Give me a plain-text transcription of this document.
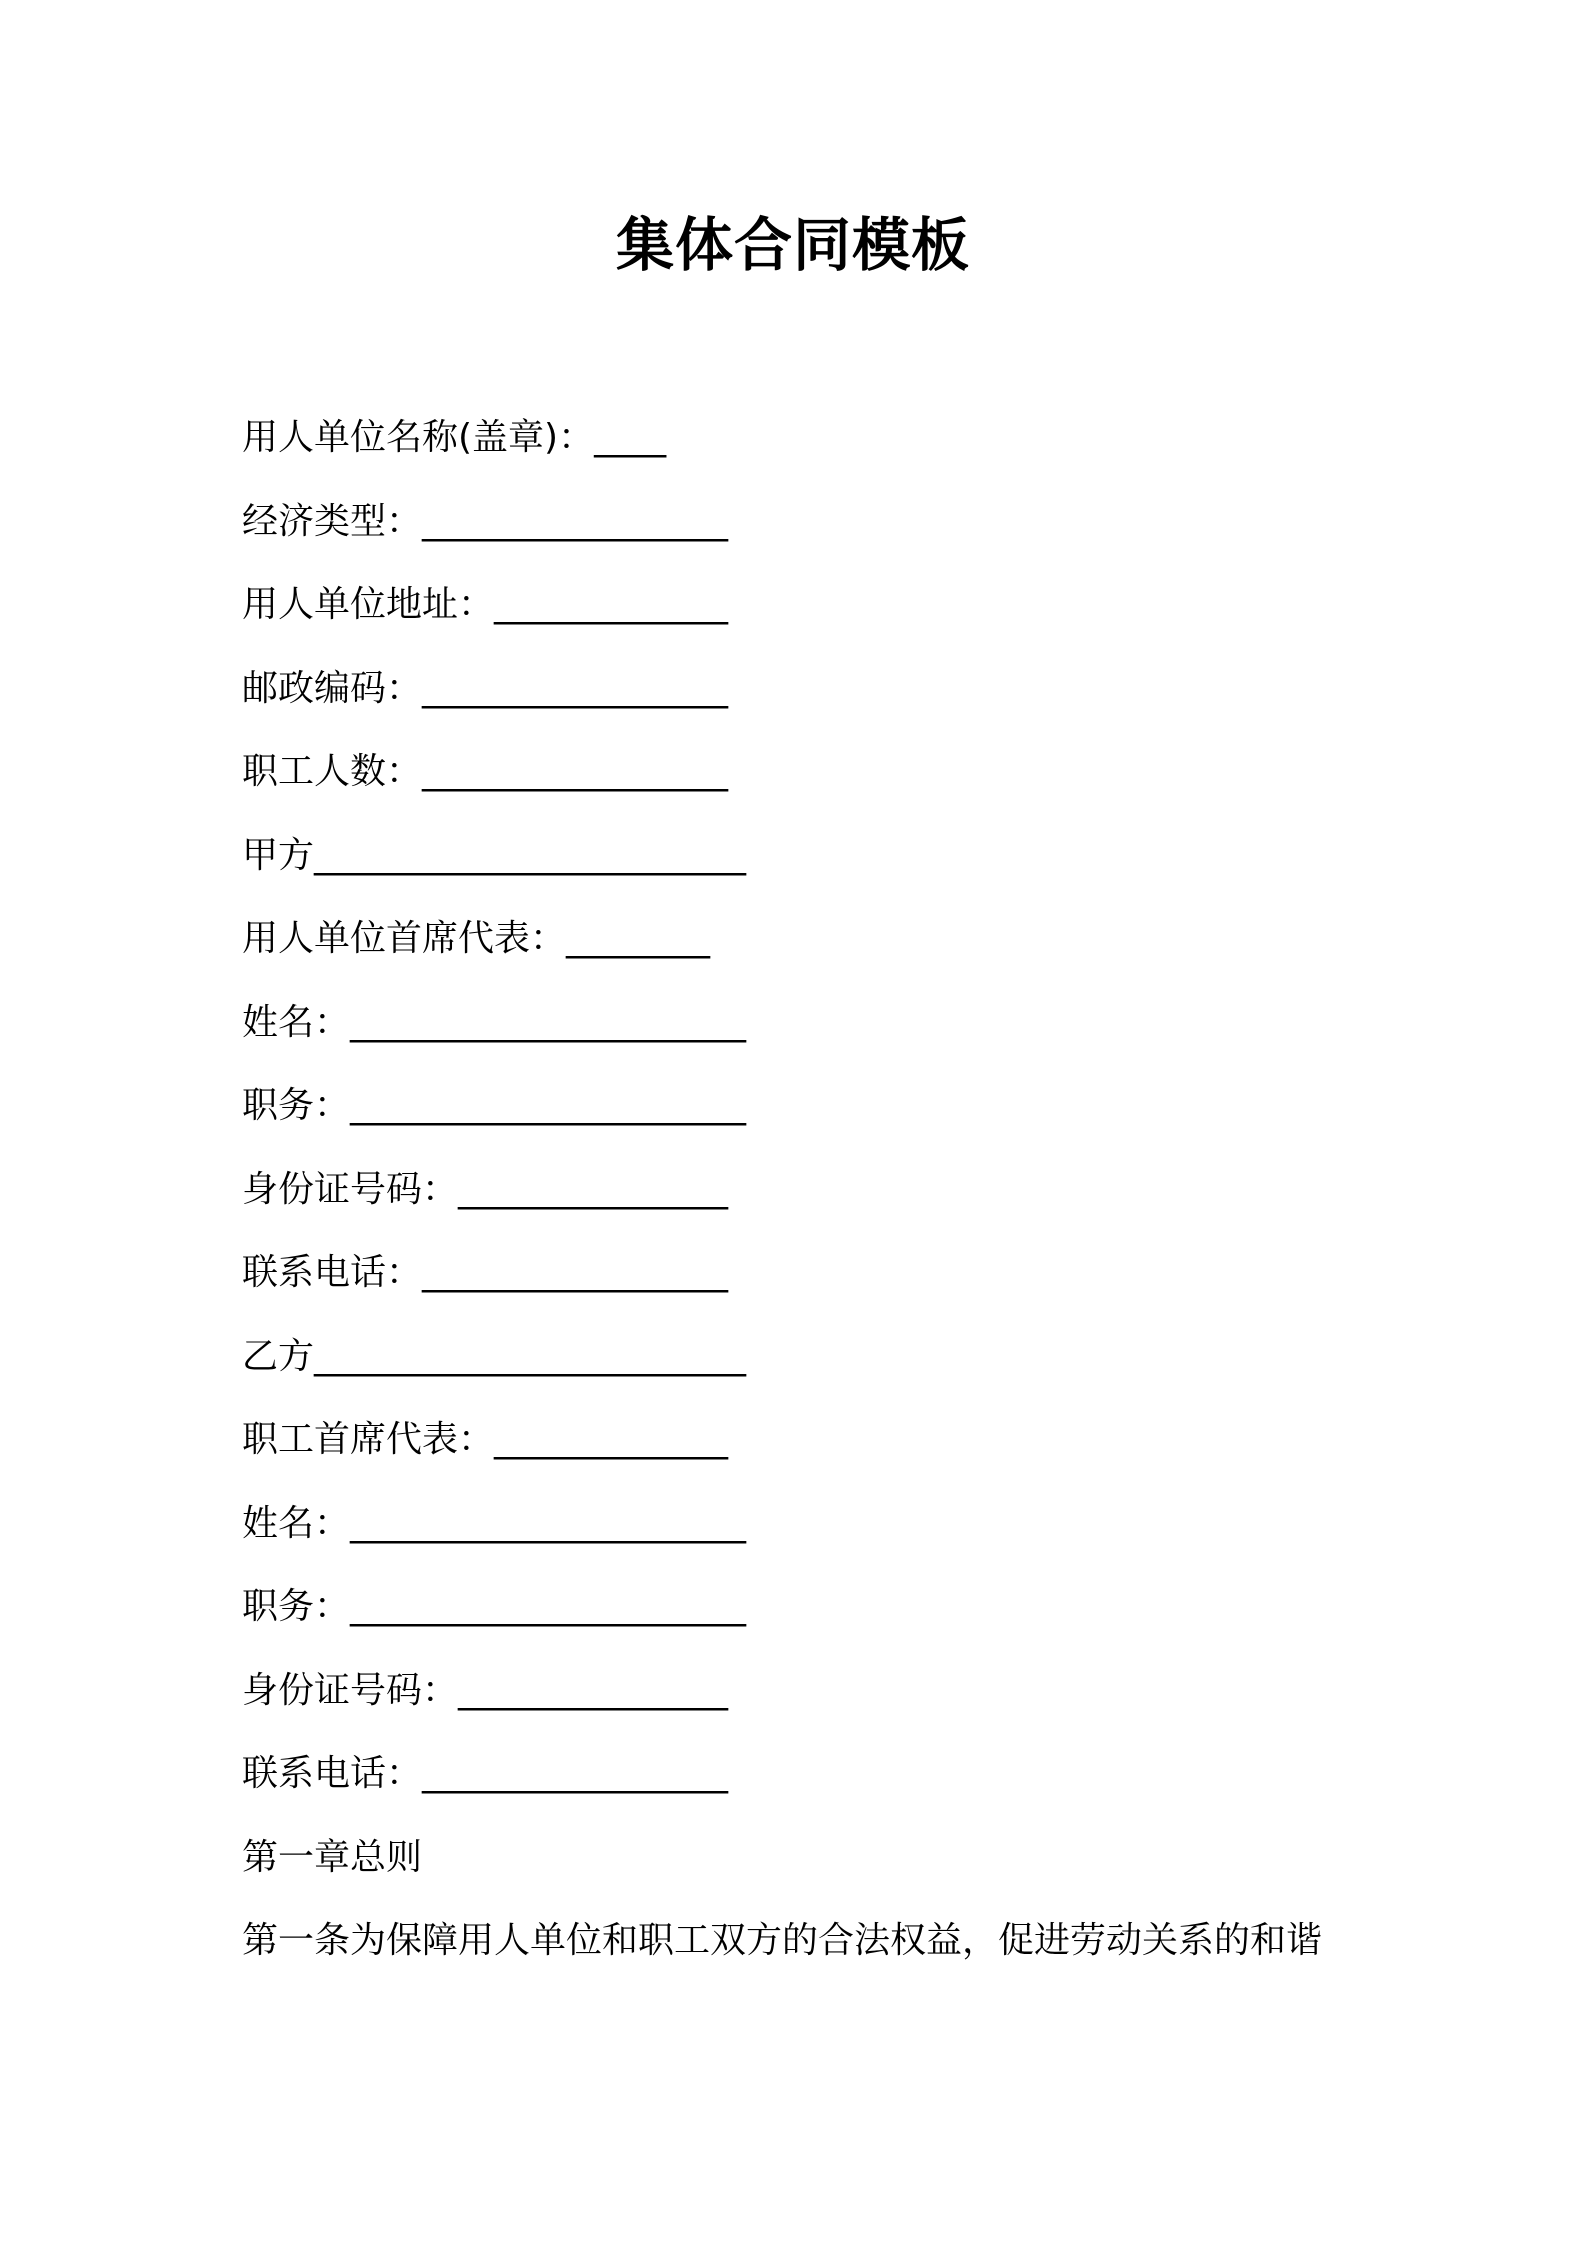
集体合同模板
用人单位名称(盖章)：____
经济类型：_________________
用人单位地址：_____________
邮政编码：_________________
职工人数：_________________
甲方________________________
用人单位首席代表：________
姓名：______________________
职务：______________________
身份证号码：_______________
联系电话：_________________
乙方________________________
职工首席代表：_____________
姓名：______________________
职务：______________________
身份证号码：_______________
联系电话：_________________
第一章总则
第一条为保障用人单位和职工双方的合法权益，促进劳动关系的和谐
